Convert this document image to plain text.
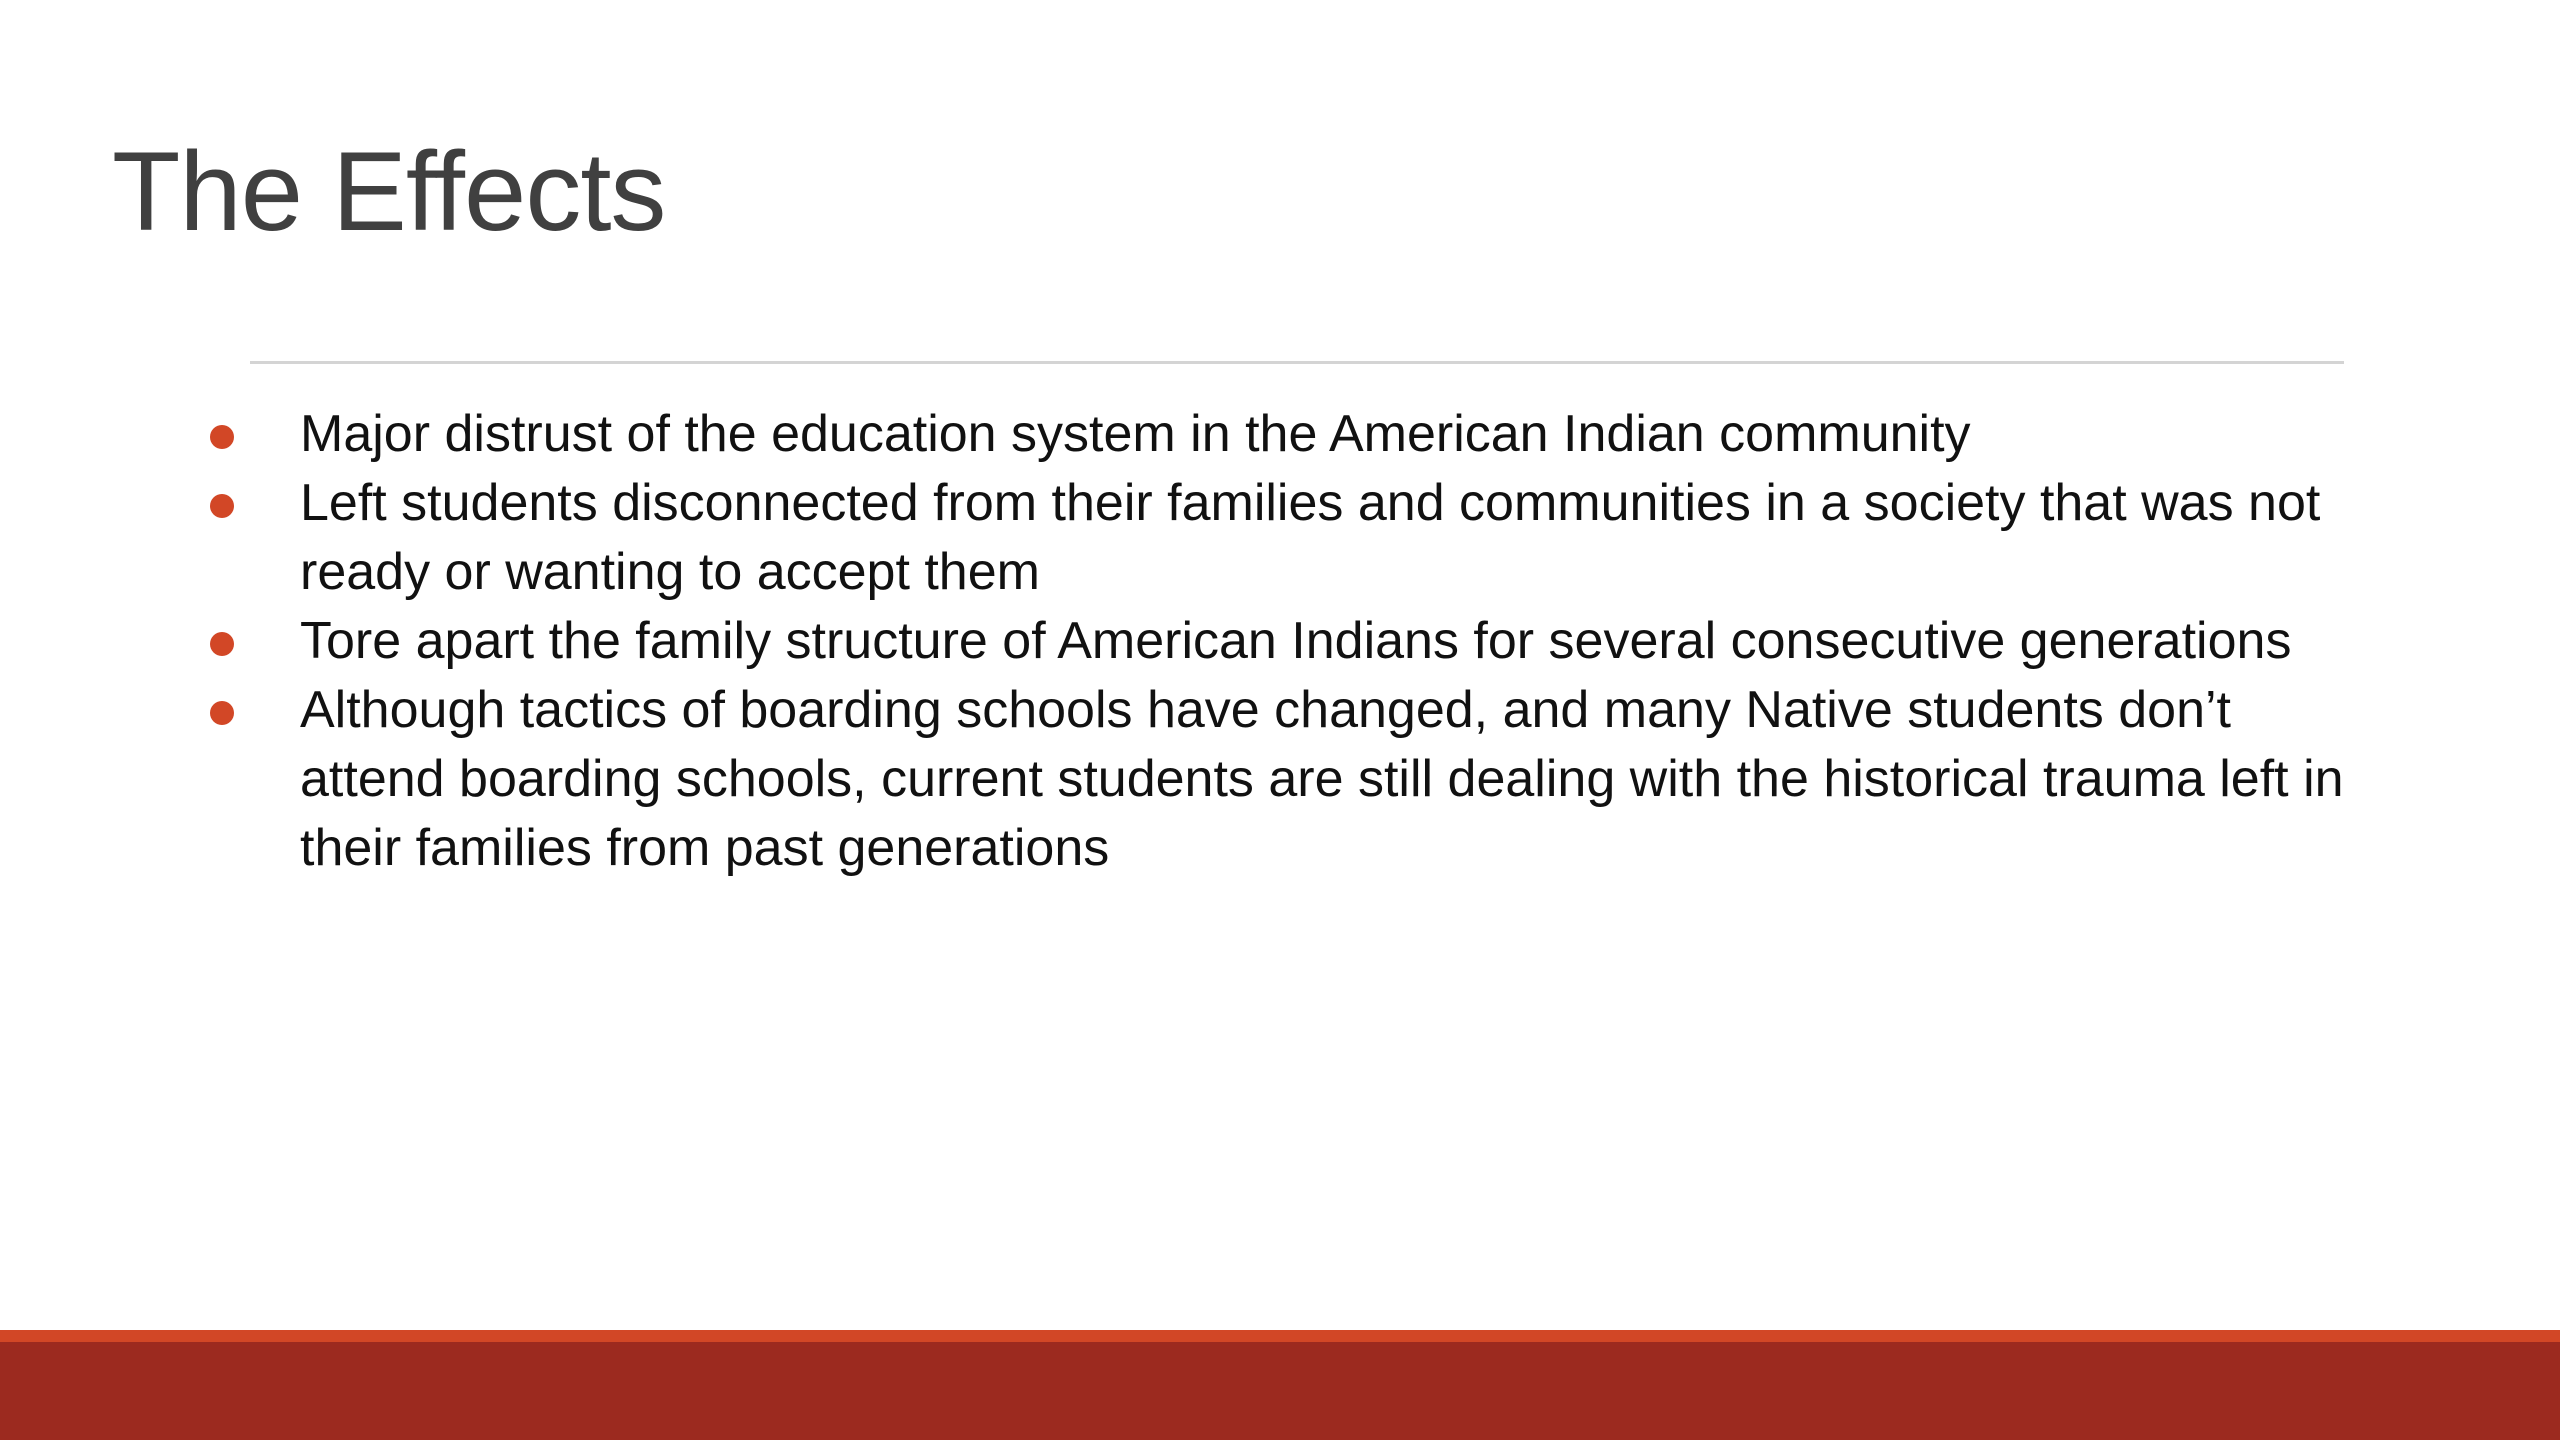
The Effects
Major distrust of the education system in the American Indian community
Left students disconnected from their families and communities in a society that was not ready or wanting to accept them
Tore apart the family structure of American Indians for several consecutive generations
Although tactics of boarding schools have changed, and many Native students don’t attend boarding schools, current students are still dealing with the historical trauma left in their families from past generations
